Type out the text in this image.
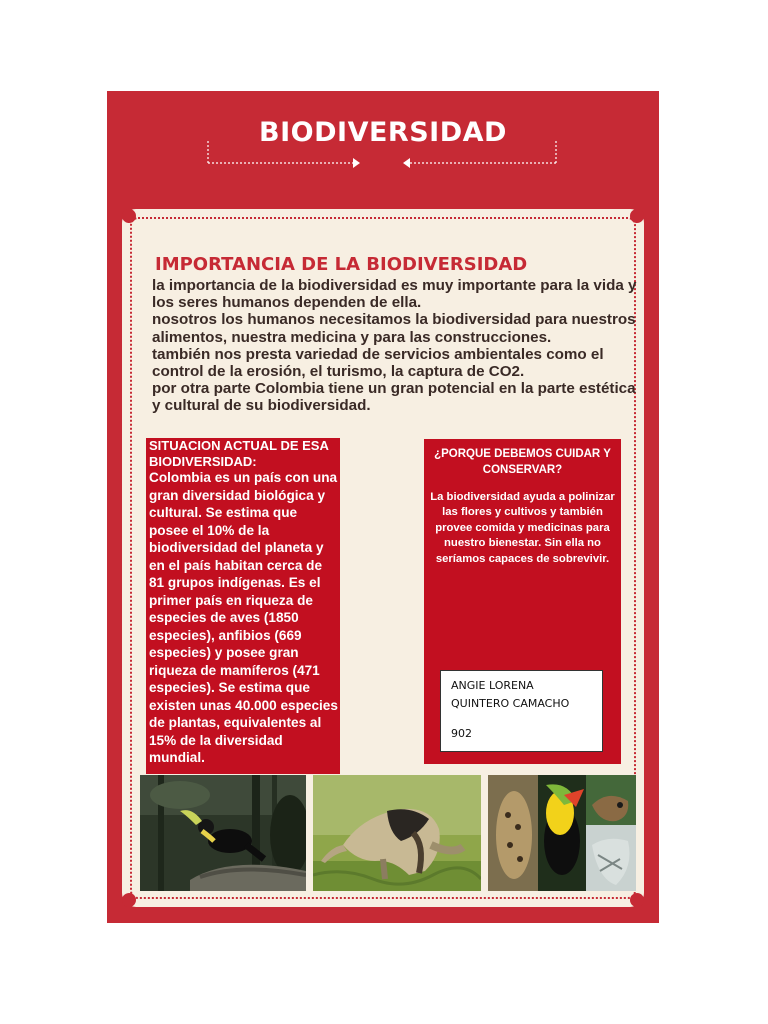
BIODIVERSIDAD
IMPORTANCIA DE LA BIODIVERSIDAD

la importancia de la biodiversidad es muy importante para la vida y los seres humanos dependen de ella.

nosotros los humanos necesitamos la biodiversidad para nuestros alimentos, nuestra medicina y para las construcciones.

también nos presta variedad de servicios ambientales como el control de la erosión, el turismo, la captura de CO2.

por otra parte Colombia tiene un gran potencial en la parte estética y cultural de su biodiversidad.

SITUACION ACTUAL DE ESA BIODIVERSIDAD:
Colombia es un país con una gran diversidad biológica y cultural. Se estima que posee el 10% de la biodiversidad del planeta y en el país habitan cerca de 81 grupos indígenas. Es el primer país en riqueza de especies de aves (1850 especies), anfibios (669 especies) y posee gran riqueza de mamíferos (471 especies). Se estima que existen unas 40.000 especies de plantas, equivalentes al 15% de la diversidad mundial.
¿PORQUE DEBEMOS CUIDAR Y CONSERVAR?
La biodiversidad ayuda a polinizar las flores y cultivos y también provee comida y medicinas para nuestro bienestar. Sin ella no seríamos capaces de sobrevivir.
ANGIE LORENA
QUINTERO CAMACHO
902
